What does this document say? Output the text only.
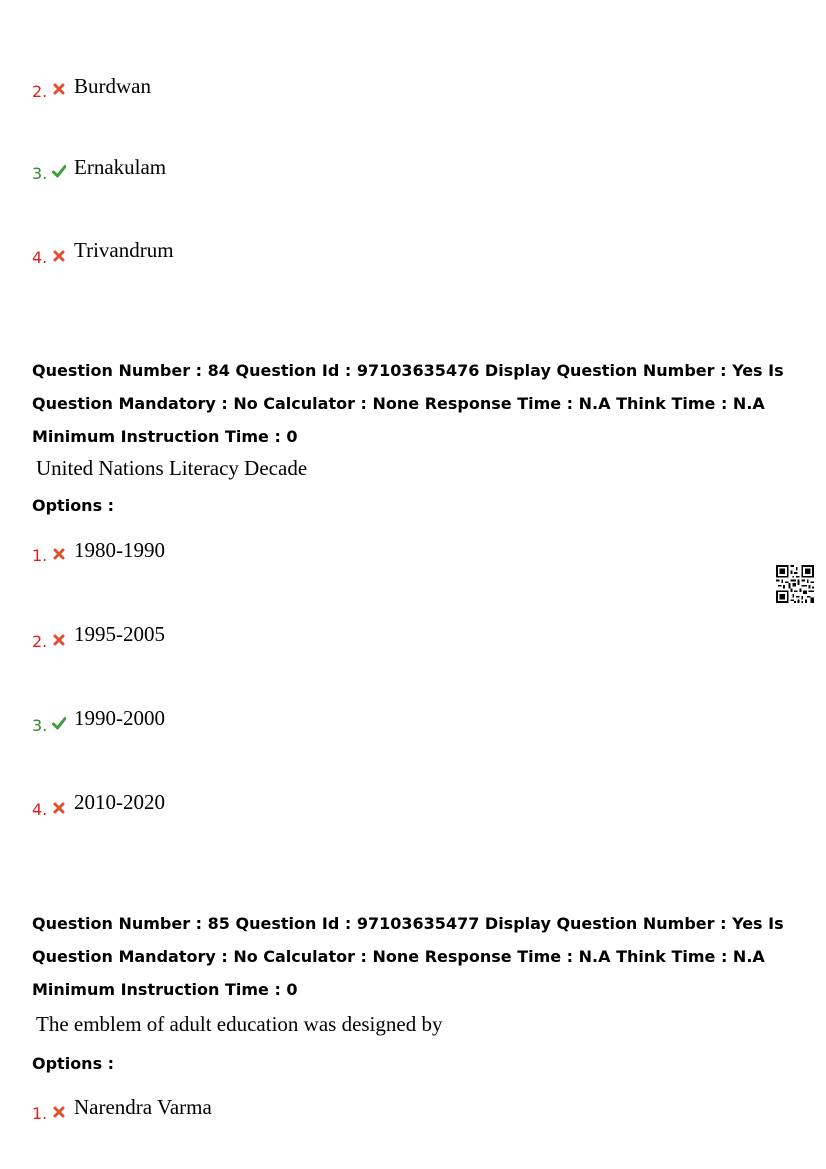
2. Burdwan
3. Ernakulam
4. Trivandrum
Question Number : 84 Question Id : 97103635476 Display Question Number : Yes Is Question Mandatory : No Calculator : None Response Time : N.A Think Time : N.A Minimum Instruction Time : 0
United Nations Literacy Decade
Options :
1. 1980-1990
2. 1995-2005
3. 1990-2000
4. 2010-2020
Question Number : 85 Question Id : 97103635477 Display Question Number : Yes Is Question Mandatory : No Calculator : None Response Time : N.A Think Time : N.A Minimum Instruction Time : 0
The emblem of adult education was designed by
Options :
1. Narendra Varma
